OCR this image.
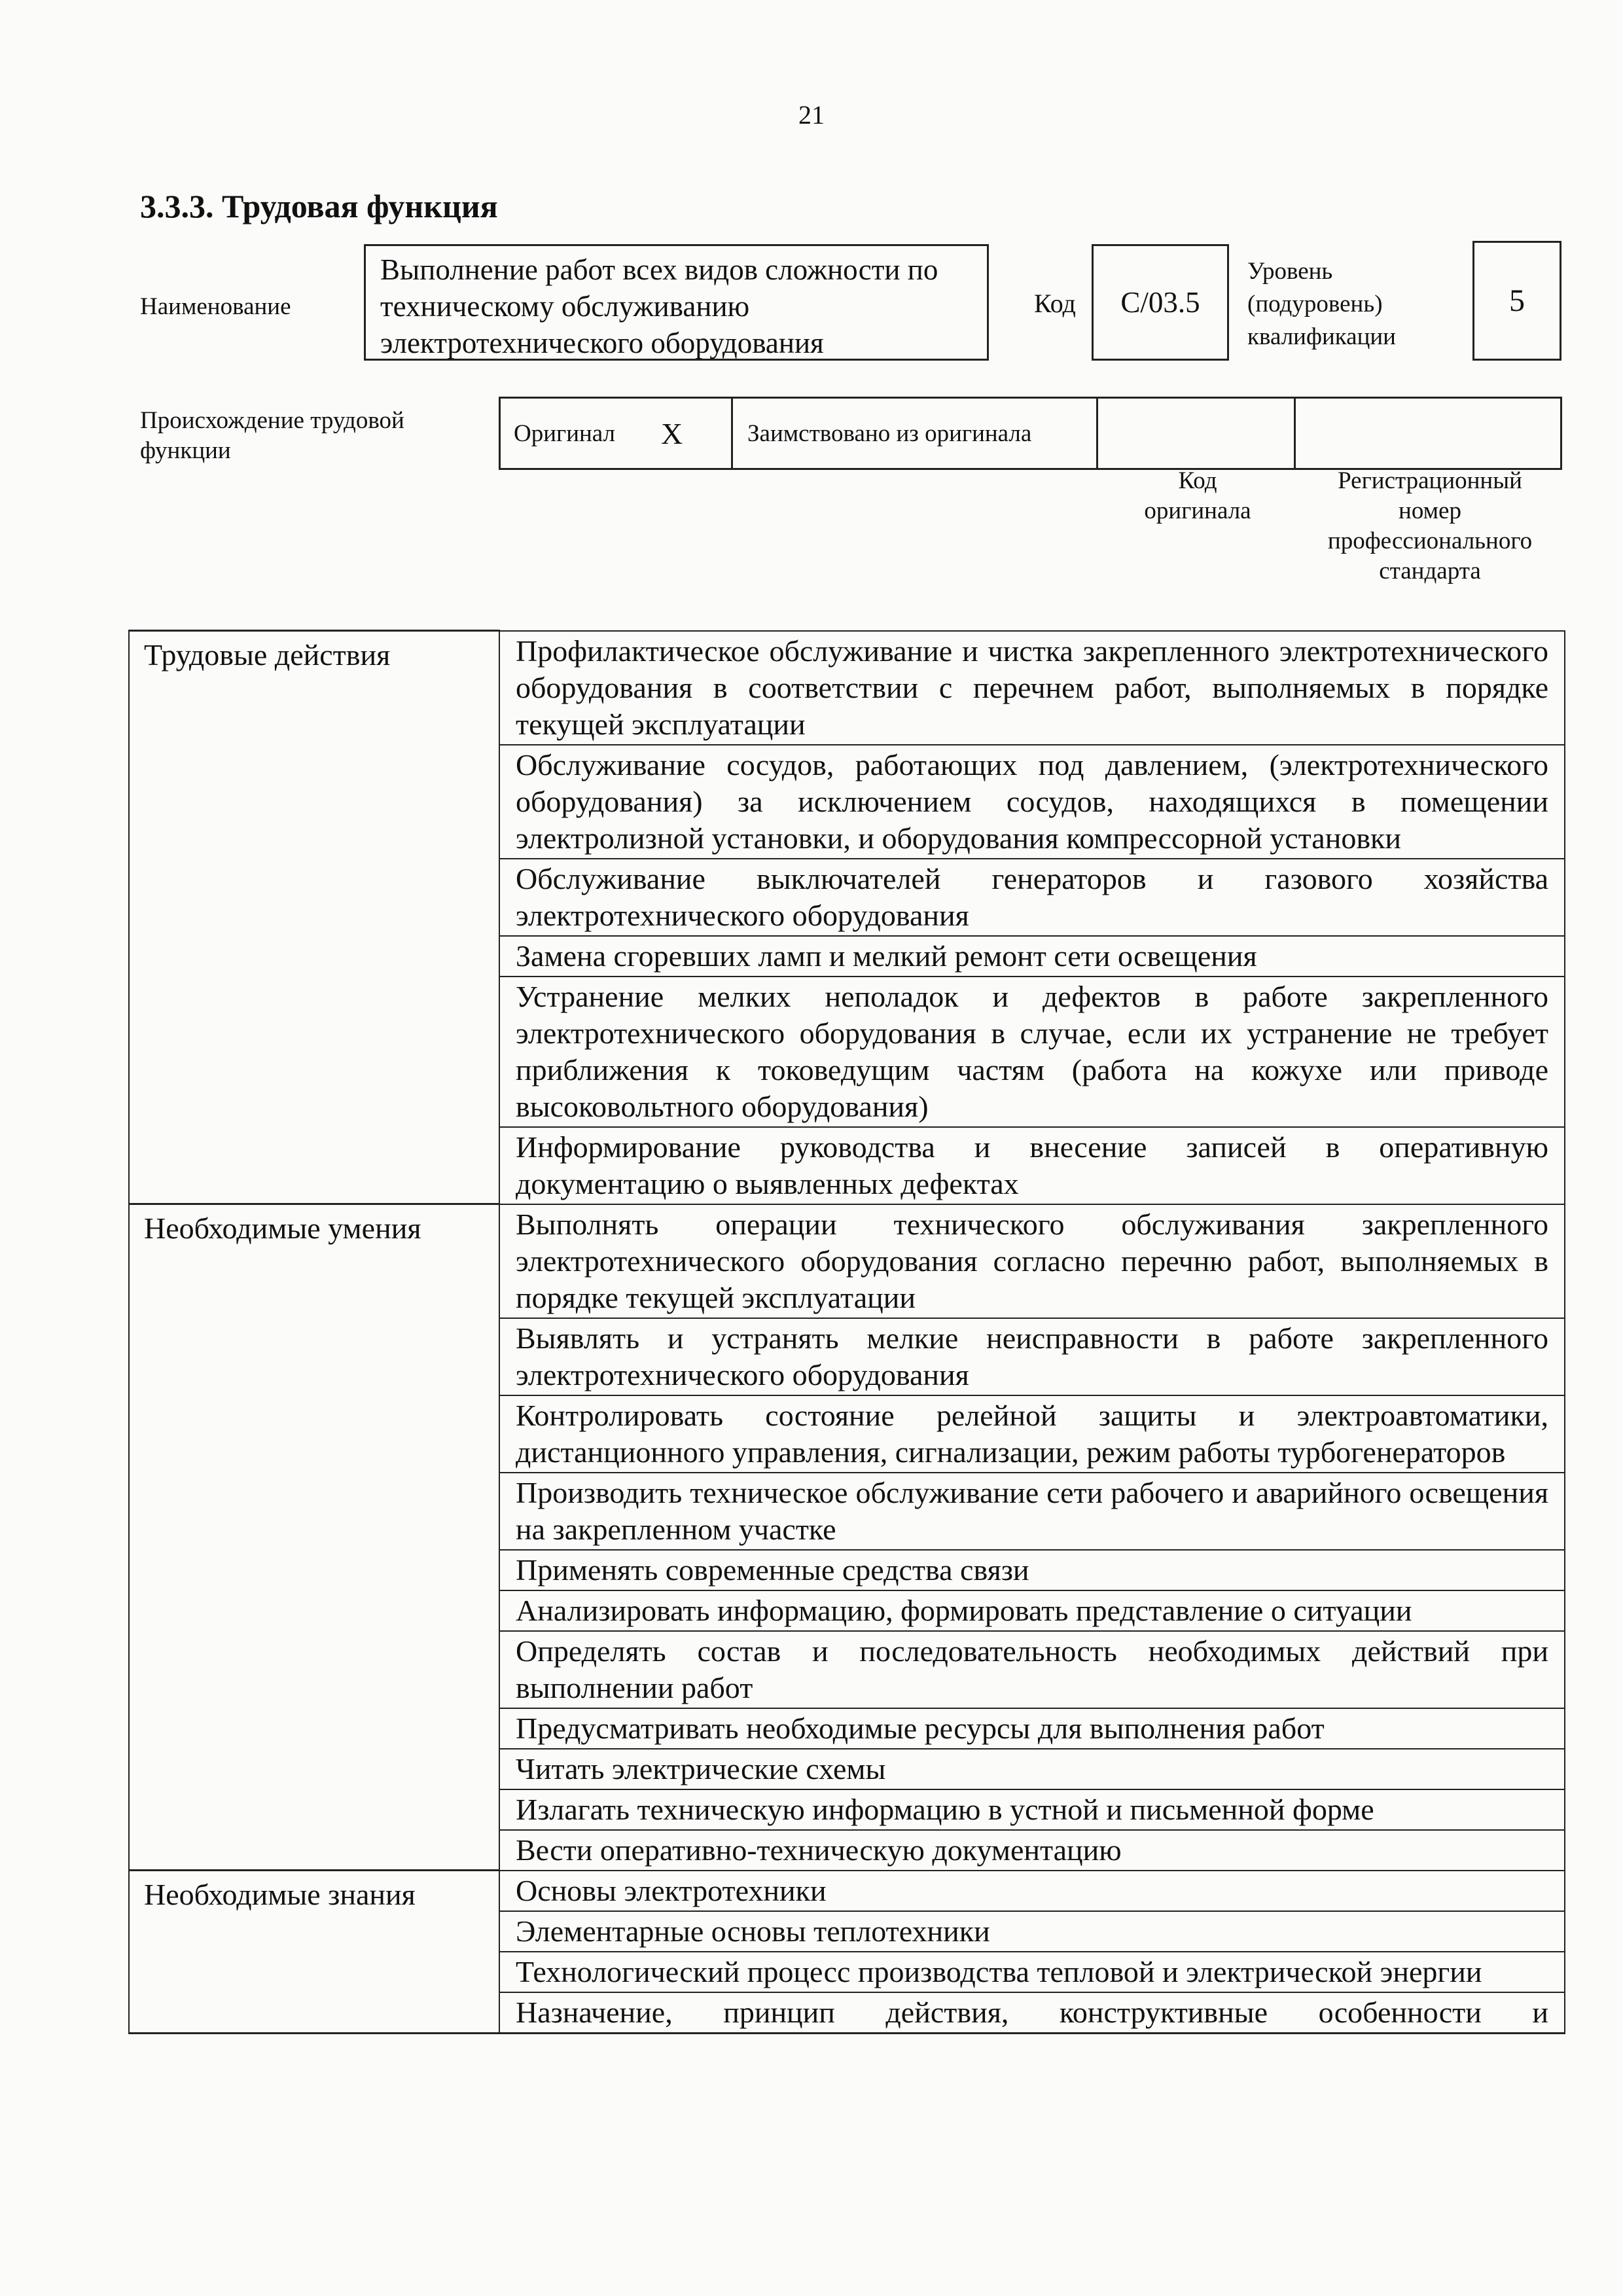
21
3.3.3. Трудовая функция
Наименование
Выполнение работ всех видов сложности по техническому обслуживанию электротехнического оборудования
Код	C/03.5
Уровень
(подуровень)
квалификации
5
Происхождение трудовой функции
Оригинал X	Заимствовано из оригинала
Код
оригинала
Регистрационный
номер
профессионального
стандарта
Трудовые действия	Профилактическое обслуживание и чистка закрепленного электротехнического оборудования в соответствии с перечнем работ, выполняемых в порядке текущей эксплуатации
	Обслуживание сосудов, работающих под давлением, (электротехнического оборудования) за исключением сосудов, находящихся в помещении электролизной установки, и оборудования компрессорной установки
	Обслуживание выключателей генераторов и газового хозяйства электротехнического оборудования
	Замена сгоревших ламп и мелкий ремонт сети освещения
	Устранение мелких неполадок и дефектов в работе закрепленного электротехнического оборудования в случае, если их устранение не требует приближения к токоведущим частям (работа на кожухе или приводе высоковольтного оборудования)
	Информирование руководства и внесение записей в оперативную документацию о выявленных дефектах
Необходимые умения	Выполнять операции технического обслуживания закрепленного электротехнического оборудования согласно перечню работ, выполняемых в порядке текущей эксплуатации
	Выявлять и устранять мелкие неисправности в работе закрепленного электротехнического оборудования
	Контролировать состояние релейной защиты и электроавтоматики, дистанционного управления, сигнализации, режим работы турбогенераторов
	Производить техническое обслуживание сети рабочего и аварийного освещения на закрепленном участке
	Применять современные средства связи
	Анализировать информацию, формировать представление о ситуации
	Определять состав и последовательность необходимых действий при выполнении работ
	Предусматривать необходимые ресурсы для выполнения работ
	Читать электрические схемы
	Излагать техническую информацию в устной и письменной форме
	Вести оперативно-техническую документацию
Необходимые знания	Основы электротехники
	Элементарные основы теплотехники
	Технологический процесс производства тепловой и электрической энергии
	Назначение, принцип действия, конструктивные особенности и
